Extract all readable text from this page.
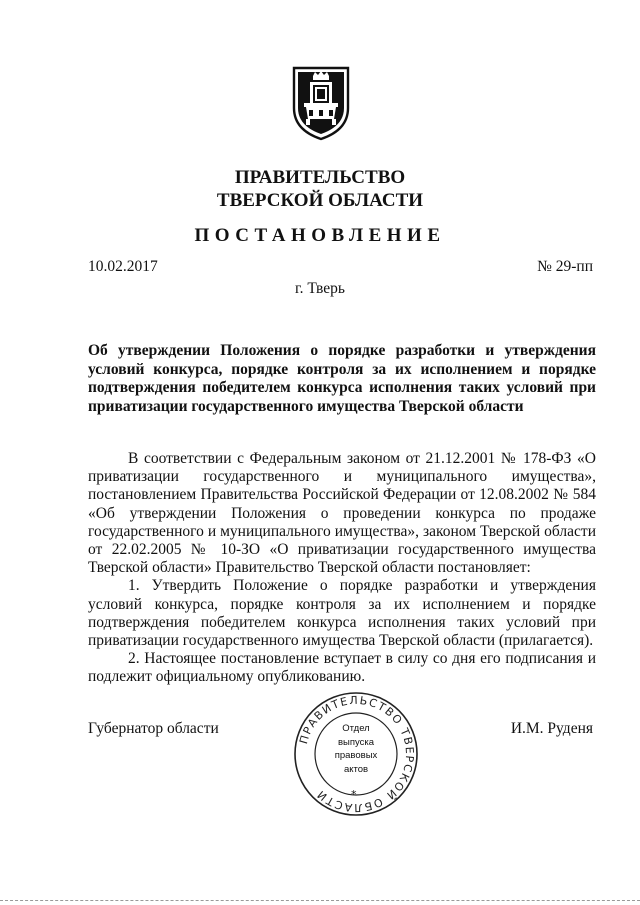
ПРАВИТЕЛЬСТВО
ТВЕРСКОЙ ОБЛАСТИ
ПОСТАНОВЛЕНИЕ
10.02.2017	№ 29-пп
г. Тверь
Об утверждении Положения о порядке разработки и утверждения условий конкурса, порядке контроля за их исполнением и порядке подтверждения победителем конкурса исполнения таких условий при приватизации государственного имущества Тверской области

В соответствии с Федеральным законом от 21.12.2001 № 178-ФЗ «О приватизации государственного и муниципального имущества», постановлением Правительства Российской Федерации от 12.08.2002 № 584 «Об утверждении Положения о проведении конкурса по продаже государственного и муниципального имущества», законом Тверской области от 22.02.2005 № 10-ЗО «О приватизации государственного имущества Тверской области» Правительство Тверской области постановляет:

1. Утвердить Положение о порядке разработки и утверждения условий конкурса, порядке контроля за их исполнением и порядке подтверждения победителем конкурса исполнения таких условий при приватизации государственного имущества Тверской области (прилагается).

2. Настоящее постановление вступает в силу со дня его подписания и подлежит официальному опубликованию.

Губернатор области	И.М. Руденя
ПРАВИТЕЛЬСТВО ТВЕРСКОЙ ОБЛАСТИ
Отдел
выпуска
правовых
актов
*
